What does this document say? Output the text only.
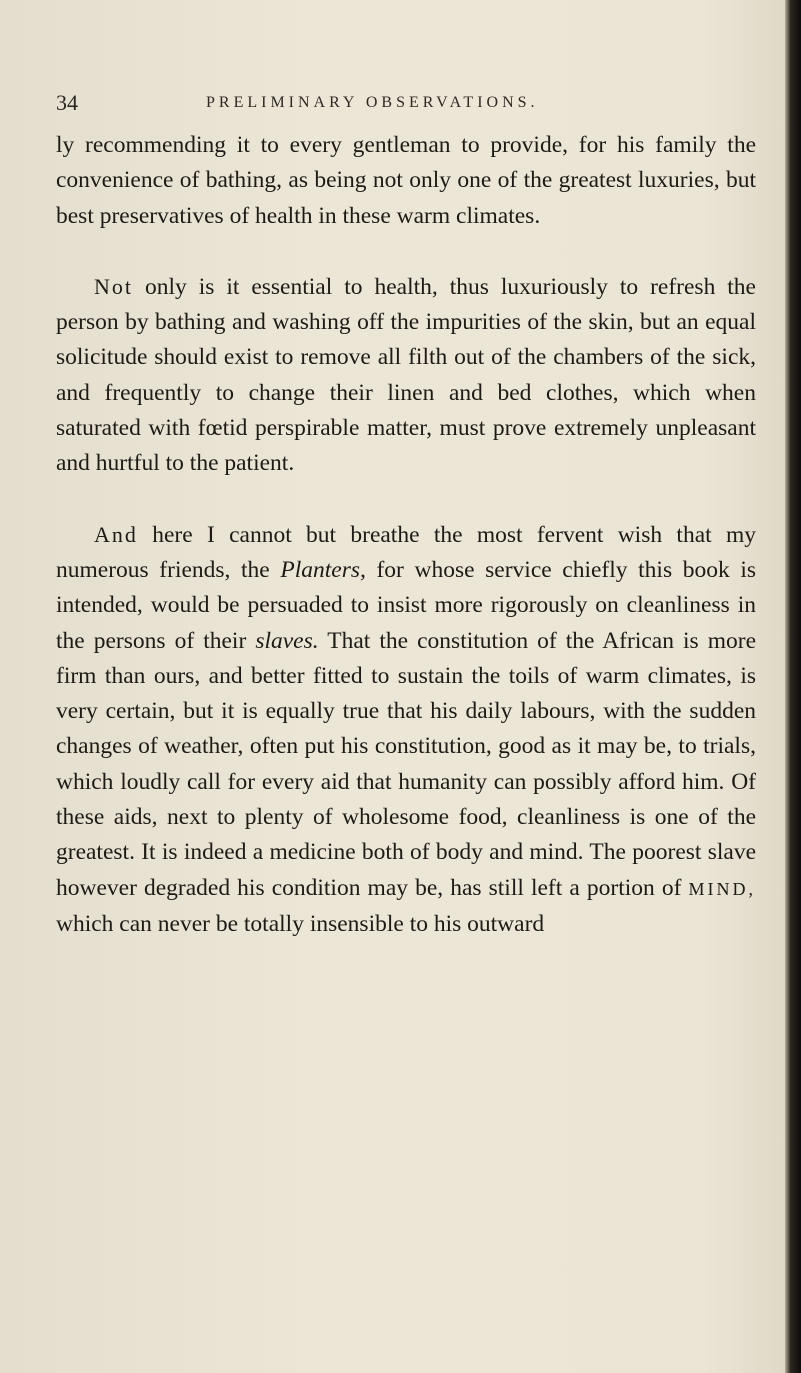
34	PRELIMINARY OBSERVATIONS.

ly recommending it to every gentleman to provide, for his family the convenience of bathing, as being not only one of the greatest luxuries, but best preservatives of health in these warm climates.

Not only is it essential to health, thus luxuriously to refresh the person by bathing and washing off the impurities of the skin, but an equal solicitude should exist to remove all filth out of the chambers of the sick, and frequently to change their linen and bed clothes, which when saturated with fœtid perspirable matter, must prove extremely unpleasant and hurtful to the patient.

And here I cannot but breathe the most fervent wish that my numerous friends, the Planters, for whose service chiefly this book is intended, would be persuaded to insist more rigorously on cleanliness in the persons of their slaves. That the constitution of the African is more firm than ours, and better fitted to sustain the toils of warm climates, is very certain, but it is equally true that his daily labours, with the sudden changes of weather, often put his constitution, good as it may be, to trials, which loudly call for every aid that humanity can possibly afford him. Of these aids, next to plenty of wholesome food, cleanliness is one of the greatest. It is indeed a medicine both of body and mind. The poorest slave however degraded his condition may be, has still left a portion of MIND, which can never be totally insensible to his outward
